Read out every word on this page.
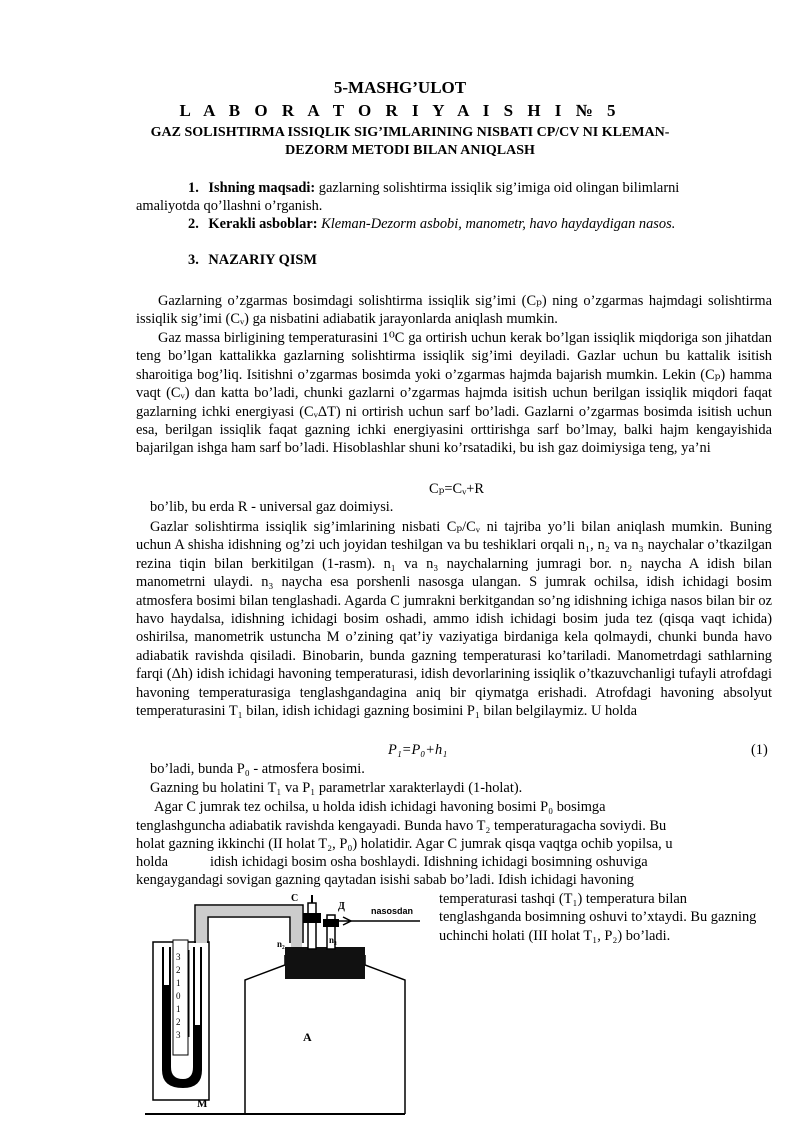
5-MASHG’ULOT
L A B O R A T O R I Y A I S H I № 5
GAZ SOLISHTIRMA ISSIQLIK SIG’IMLARINING NISBATI CP/CV NI KLEMAN-DEZORM METODI BILAN ANIQLASH
1. Ishning maqsadi: gazlarning solishtirma issiqlik sig’imiga oid olingan bilimlarni
amaliyotda qo’llashni o’rganish.
2. Kerakli asboblar: Kleman-Dezorm asbobi, manometr, havo haydaydigan nasos.
3. NAZARIY QISM
Gazlarning o’zgarmas bosimdagi solishtirma issiqlik sig’imi (Cₚ) ning o’zgarmas hajmdagi solishtirma issiqlik sig’imi (Cᵥ) ga nisbatini adiabatik jarayonlarda aniqlash mumkin.
Gaz massa birligining temperaturasini 1⁰C ga ortirish uchun kerak bo’lgan issiqlik miqdoriga son jihatdan teng bo’lgan kattalikka gazlarning solishtirma issiqlik sig’imi deyiladi. Gazlar uchun bu kattalik isitish sharoitiga bog’liq. Isitishni o’zgarmas bosimda yoki o’zgarmas hajmda bajarish mumkin. Lekin (Cₚ) hamma vaqt (Cᵥ) dan katta bo’ladi, chunki gazlarni o’zgarmas hajmda isitish uchun berilgan issiqlik miqdori faqat gazlarning ichki energiyasi (CᵥΔT) ni ortirish uchun sarf bo’ladi. Gazlarni o’zgarmas bosimda isitish uchun esa, berilgan issiqlik faqat gazning ichki energiyasini orttirishga sarf bo’lmay, balki hajm kengayishida bajarilgan ishga ham sarf bo’ladi. Hisoblashlar shuni ko’rsatadiki, bu ish gaz doimiysiga teng, ya’ni
Cₚ=Cᵥ+R
bo’lib, bu erda R - universal gaz doimiysi.
Gazlar solishtirma issiqlik sig’imlarining nisbati Cₚ/Cᵥ ni tajriba yo’li bilan aniqlash mumkin. Buning uchun A shisha idishning og’zi uch joyidan teshilgan va bu teshiklari orqali n₁, n₂ va n₃ naychalar o’tkazilgan rezina tiqin bilan berkitilgan (1-rasm). n₁ va n₃ naychalarning jumragi bor. n₂ naycha A idish bilan manometrni ulaydi. n₃ naycha esa porshenli nasosga ulangan. S jumrak ochilsa, idish ichidagi bosim atmosfera bosimi bilan tenglashadi. Agarda C jumrakni berkitgandan so’ng idishning ichiga nasos bilan bir oz havo haydalsa, idishning ichidagi bosim oshadi, ammo idish ichidagi bosim juda tez (qisqa vaqt ichida) oshirilsa, manometrik ustuncha M o’zining qat’iy vaziyatiga birdaniga kela qolmaydi, chunki bunda havo adiabatik ravishda qisiladi. Binobarin, bunda gazning temperaturasi ko’tariladi. Manometrdagi sathlarning farqi (Δh) idish ichidagi havoning temperaturasi, idish devorlarining issiqlik o’tkazuvchanligi tufayli atrofdagi havoning temperaturasiga tenglashgandagina aniq bir qiymatga erishadi. Atrofdagi havoning absolyut temperaturasini T₁ bilan, idish ichidagi gazning bosimini P₁ bilan belgilaymiz. U holda
P₁=P₀+h₁	(1)
bo’ladi, bunda P₀ - atmosfera bosimi.
Gazning bu holatini T₁ va P₁ parametrlar xarakterlaydi (1-holat).
Agar C jumrak tez ochilsa, u holda idish ichidagi havoning bosimi P₀ bosimga
tenglashguncha adiabatik ravishda kengayadi. Bunda havo T₂ temperaturagacha soviydi. Bu
holat gazning ikkinchi (II holat T₂, P₀) holatidir. Agar C jumrak qisqa vaqtga ochib yopilsa, u
holda	idish ichidagi bosim osha boshlaydi. Idishning ichidagi bosimning oshuviga
kengaygandagi sovigan gazning qaytadan isishi sabab bo’ladi. Idish ichidagi havoning
temperaturasi tashqi (T₁) temperatura bilan tenglashganda bosimning oshuvi to’xtaydi. Bu gazning uchinchi holati (III holat T₁, P₂) bo’ladi.
3
2
1
0
1
2
3
M
A
C
Д	nasosdan
n₃
n₂
